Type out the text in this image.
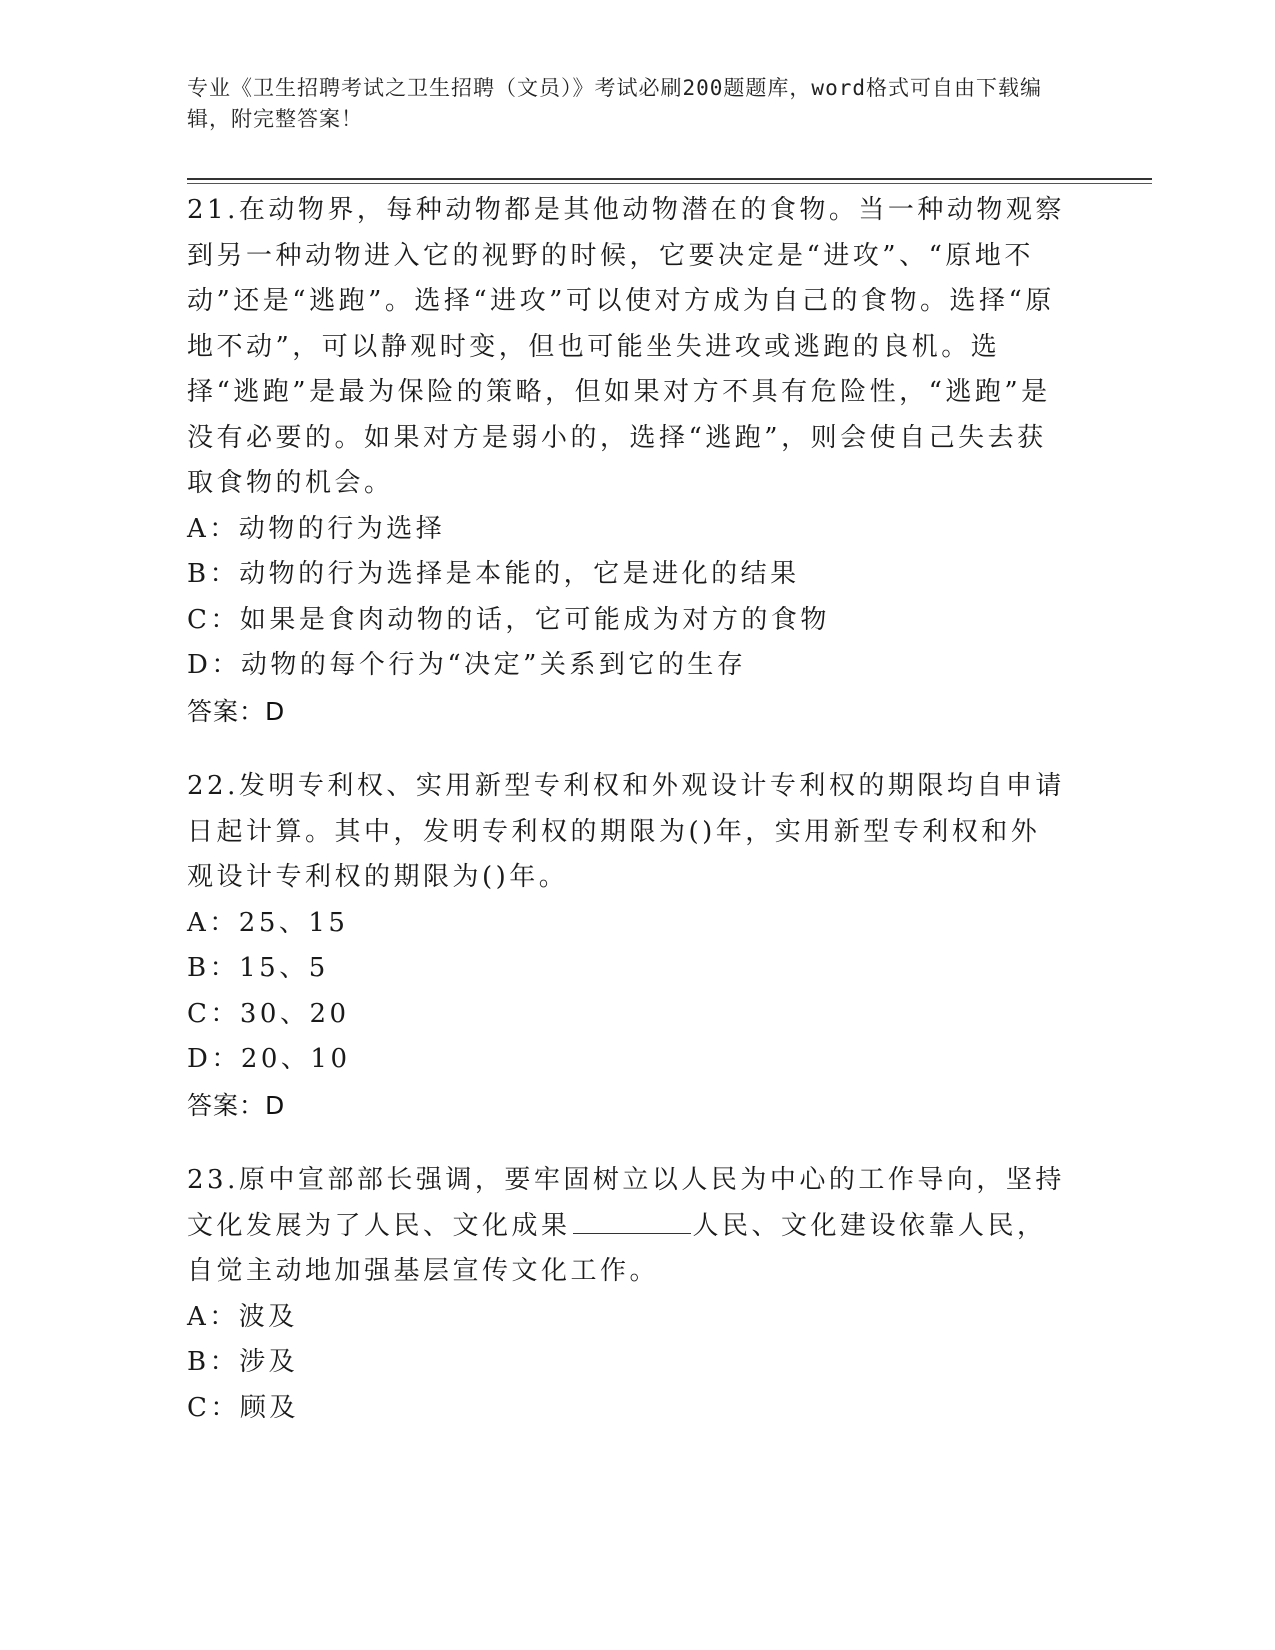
专业《卫生招聘考试之卫生招聘（文员）》考试必刷200题题库，word格式可自由下载编辑，附完整答案！

21.在动物界，每种动物都是其他动物潜在的食物。当一种动物观察到另一种动物进入它的视野的时候，它要决定是“进攻”、“原地不动”还是“逃跑”。选择“进攻”可以使对方成为自己的食物。选择“原地不动”，可以静观时变，但也可能坐失进攻或逃跑的良机。选择“逃跑”是最为保险的策略，但如果对方不具有危险性，“逃跑”是没有必要的。如果对方是弱小的，选择“逃跑”，则会使自己失去获取食物的机会。

A：动物的行为选择

B：动物的行为选择是本能的，它是进化的结果

C：如果是食肉动物的话，它可能成为对方的食物

D：动物的每个行为“决定”关系到它的生存

答案：D

22.发明专利权、实用新型专利权和外观设计专利权的期限均自申请日起计算。其中，发明专利权的期限为()年，实用新型专利权和外观设计专利权的期限为()年。

A：25、15

B：15、5

C：30、20

D：20、10

答案：D

23.原中宣部部长强调，要牢固树立以人民为中心的工作导向，坚持文化发展为了人民、文化成果	人民、文化建设依靠人民，自觉主动地加强基层宣传文化工作。

A：波及

B：涉及

C：顾及
